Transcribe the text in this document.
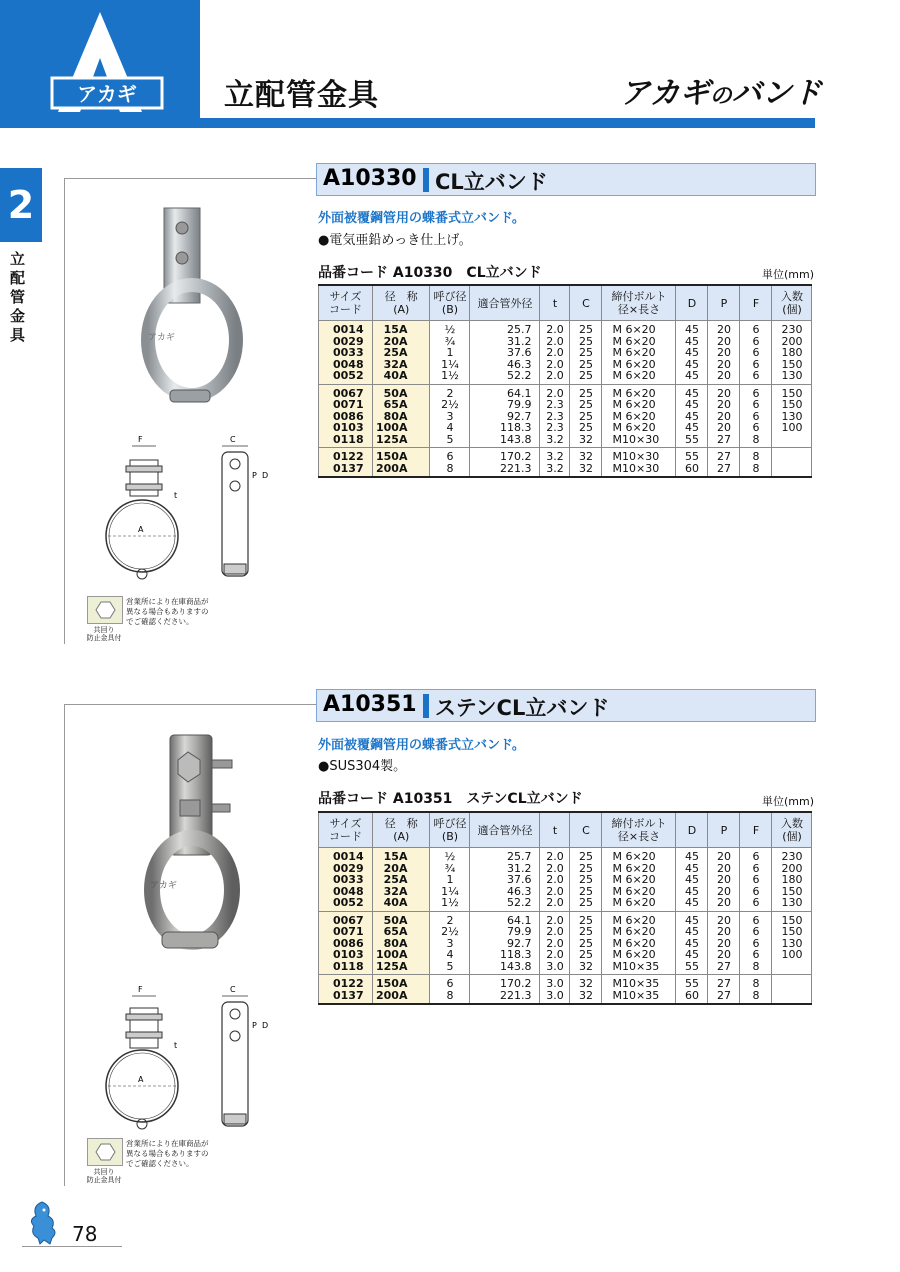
アカギ	立配管金具	アカギのバンド
2
立配管金具
A10330 CL立バンド
外面被覆鋼管用の蝶番式立バンド。
●電気亜鉛めっき仕上げ。
品番コード A10330　CL立バンド	単位(mm)
サイズ
コード	径　称
(A)	呼び径
(B)	適合管外径	t	C	締付ボルト
径×長さ	D	P	F	入数
(個)
0014	15A	½	25.7	2.0	25	M 6×20	45	20	6	230
0029	20A	¾	31.2	2.0	25	M 6×20	45	20	6	200
0033	25A	1	37.6	2.0	25	M 6×20	45	20	6	180
0048	32A	1¼	46.3	2.0	25	M 6×20	45	20	6	150
0052	40A	1½	52.2	2.0	25	M 6×20	45	20	6	130
0067	50A	2	64.1	2.0	25	M 6×20	45	20	6	150
0071	65A	2½	79.9	2.3	25	M 6×20	45	20	6	150
0086	80A	3	92.7	2.3	25	M 6×20	45	20	6	130
0103	100A	4	118.3	2.3	25	M 6×20	45	20	6	100
0118	125A	5	143.8	3.2	32	M10×30	55	27	8	
0122	150A	6	170.2	3.2	32	M10×30	55	27	8	
0137	200A	8	221.3	3.2	32	M10×30	60	27	8	
アカギ
F
A
t
C
P D
営業所により在庫商品が
異なる場合もありますの
でご確認ください。
共回り
防止金具付
A10351 ステンCL立バンド
外面被覆鋼管用の蝶番式立バンド。
●SUS304製。
品番コード A10351　ステンCL立バンド	単位(mm)
サイズ
コード	径　称
(A)	呼び径
(B)	適合管外径	t	C	締付ボルト
径×長さ	D	P	F	入数
(個)
0014	15A	½	25.7	2.0	25	M 6×20	45	20	6	230
0029	20A	¾	31.2	2.0	25	M 6×20	45	20	6	200
0033	25A	1	37.6	2.0	25	M 6×20	45	20	6	180
0048	32A	1¼	46.3	2.0	25	M 6×20	45	20	6	150
0052	40A	1½	52.2	2.0	25	M 6×20	45	20	6	130
0067	50A	2	64.1	2.0	25	M 6×20	45	20	6	150
0071	65A	2½	79.9	2.0	25	M 6×20	45	20	6	150
0086	80A	3	92.7	2.0	25	M 6×20	45	20	6	130
0103	100A	4	118.3	2.0	25	M 6×20	45	20	6	100
0118	125A	5	143.8	3.0	32	M10×35	55	27	8	
0122	150A	6	170.2	3.0	32	M10×35	55	27	8	
0137	200A	8	221.3	3.0	32	M10×35	60	27	8	
アカギ
F
A
t
C
P D
営業所により在庫商品が
異なる場合もありますの
でご確認ください。
共回り
防止金具付
78
